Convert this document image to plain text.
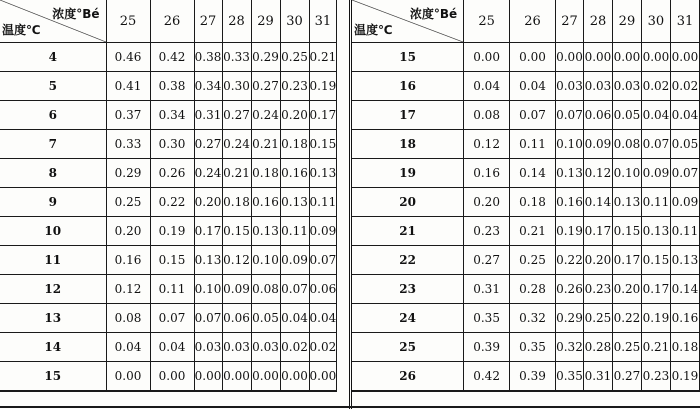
浓度°Bé
温度℃	25	26	27	28	29	30	31
4	0.46	0.42	0.38	0.33	0.29	0.25	0.21
5	0.41	0.38	0.34	0.30	0.27	0.23	0.19
6	0.37	0.34	0.31	0.27	0.24	0.20	0.17
7	0.33	0.30	0.27	0.24	0.21	0.18	0.15
8	0.29	0.26	0.24	0.21	0.18	0.16	0.13
9	0.25	0.22	0.20	0.18	0.16	0.13	0.11
10	0.20	0.19	0.17	0.15	0.13	0.11	0.09
11	0.16	0.15	0.13	0.12	0.10	0.09	0.07
12	0.12	0.11	0.10	0.09	0.08	0.07	0.06
13	0.08	0.07	0.07	0.06	0.05	0.04	0.04
14	0.04	0.04	0.03	0.03	0.03	0.02	0.02
15	0.00	0.00	0.00	0.00	0.00	0.00	0.00
浓度°Bé
温度℃	25	26	27	28	29	30	31
15	0.00	0.00	0.00	0.00	0.00	0.00	0.00
16	0.04	0.04	0.03	0.03	0.03	0.02	0.02
17	0.08	0.07	0.07	0.06	0.05	0.04	0.04
18	0.12	0.11	0.10	0.09	0.08	0.07	0.05
19	0.16	0.14	0.13	0.12	0.10	0.09	0.07
20	0.20	0.18	0.16	0.14	0.13	0.11	0.09
21	0.23	0.21	0.19	0.17	0.15	0.13	0.11
22	0.27	0.25	0.22	0.20	0.17	0.15	0.13
23	0.31	0.28	0.26	0.23	0.20	0.17	0.14
24	0.35	0.32	0.29	0.25	0.22	0.19	0.16
25	0.39	0.35	0.32	0.28	0.25	0.21	0.18
26	0.42	0.39	0.35	0.31	0.27	0.23	0.19
